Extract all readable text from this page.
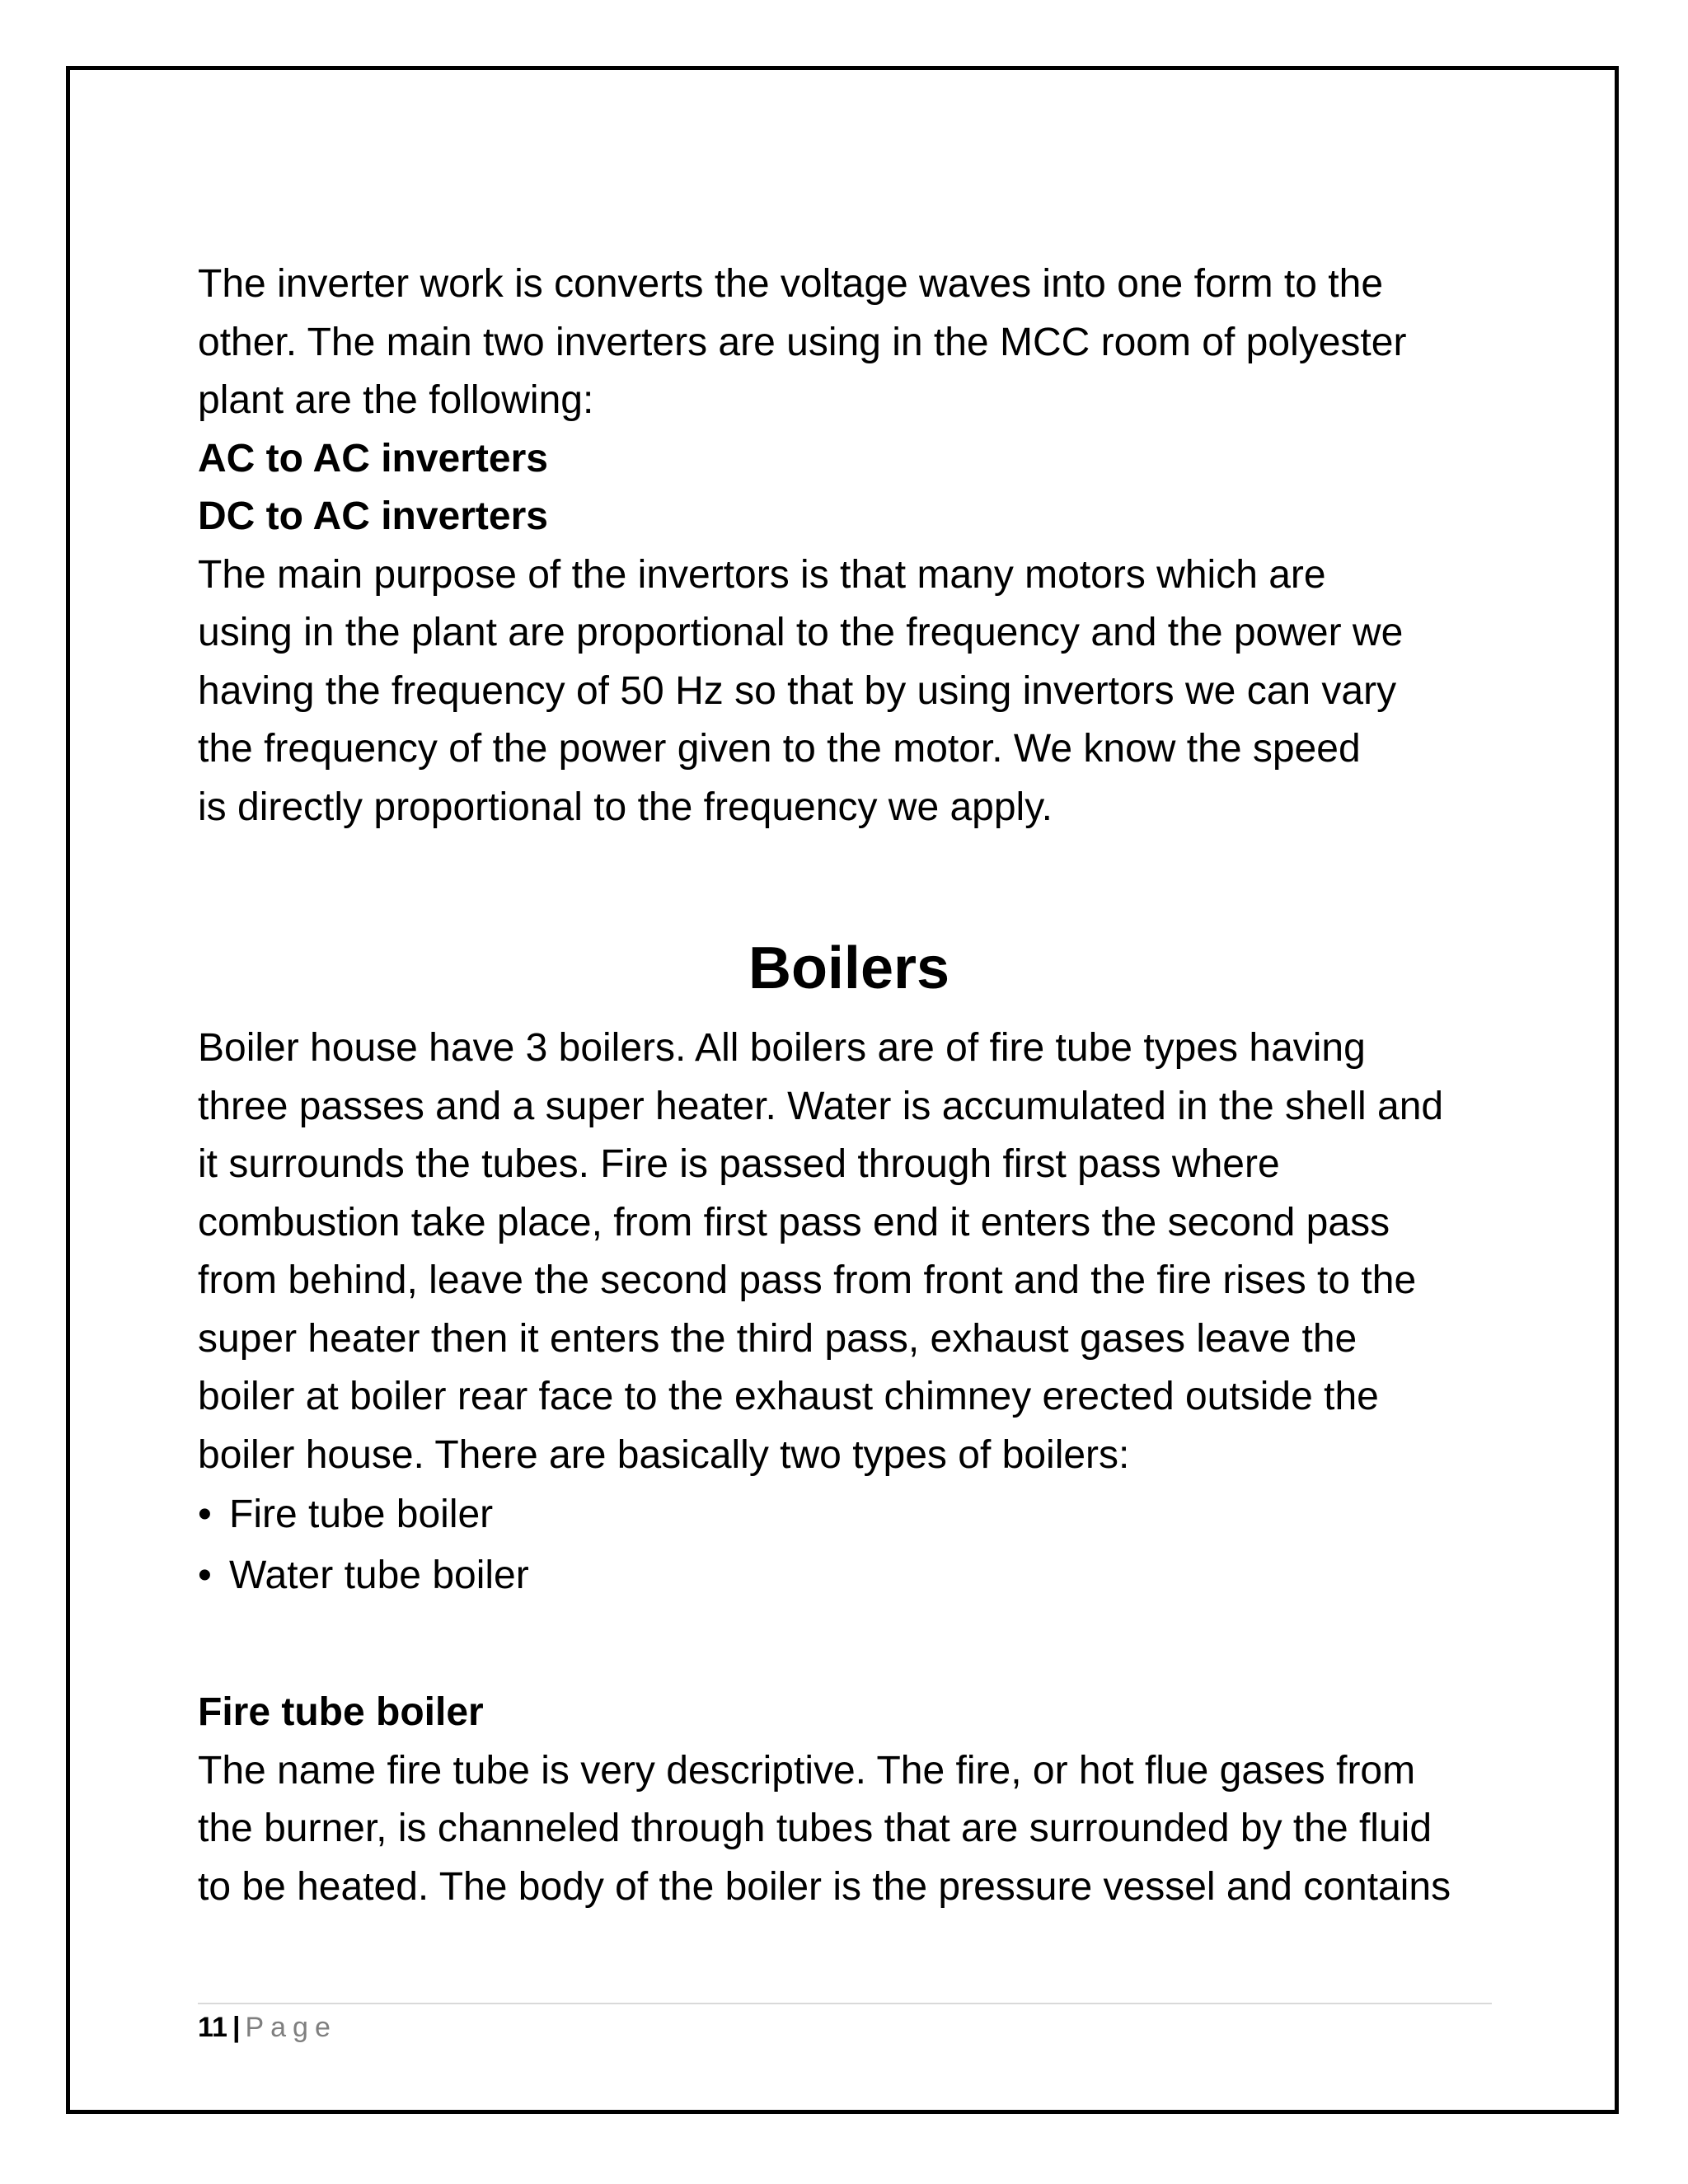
The inverter work is converts the voltage waves into one form to the
other. The main two inverters are using in the MCC room of polyester
plant are the following:
AC to AC inverters
DC to AC inverters
The main purpose of the invertors is that many motors which are
using in the plant are proportional to the frequency and the power we
having the frequency of 50 Hz so that by using invertors we can vary
the frequency of the power given to the motor. We know the speed
is directly proportional to the frequency we apply.
Boilers
Boiler house have 3 boilers. All boilers are of fire tube types having
three passes and a super heater. Water is accumulated in the shell and
it surrounds the tubes. Fire is passed through first pass where
combustion take place, from first pass end it enters the second pass
from behind, leave the second pass from front and the fire rises to the
super heater then it enters the third pass, exhaust gases leave the
boiler at boiler rear face to the exhaust chimney erected outside the
boiler house. There are basically two types of boilers:
• Fire tube boiler
• Water tube boiler
Fire tube boiler
The name fire tube is very descriptive. The fire, or hot flue gases from
the burner, is channeled through tubes that are surrounded by the fluid
to be heated. The body of the boiler is the pressure vessel and contains
11 | Page
